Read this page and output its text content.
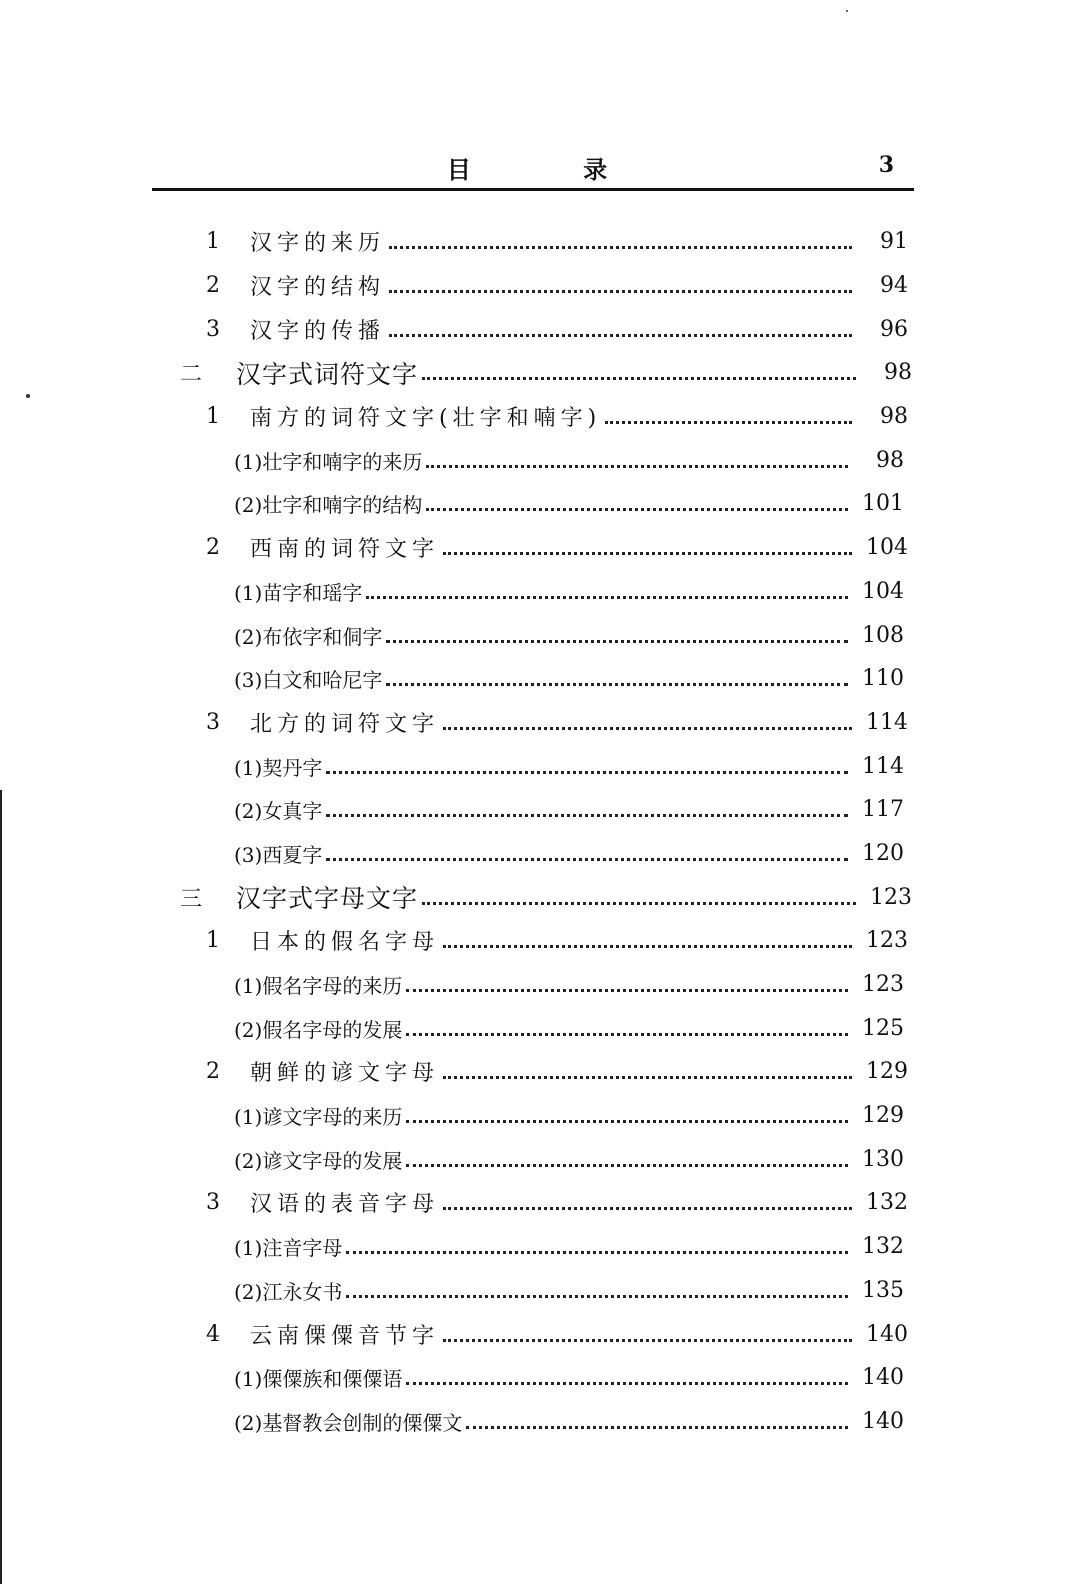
目 录	3
1	汉字的来历	91
2	汉字的结构	94
3	汉字的传播	96
二	汉字式词符文字	98
1	南方的词符文字(壮字和喃字)	98
(1)壮字和喃字的来历	98
(2)壮字和喃字的结构	101
2	西南的词符文字	104
(1)苗字和瑶字	104
(2)布依字和侗字	108
(3)白文和哈尼字	110
3	北方的词符文字	114
(1)契丹字	114
(2)女真字	117
(3)西夏字	120
三	汉字式字母文字	123
1	日本的假名字母	123
(1)假名字母的来历	123
(2)假名字母的发展	125
2	朝鲜的谚文字母	129
(1)谚文字母的来历	129
(2)谚文字母的发展	130
3	汉语的表音字母	132
(1)注音字母	132
(2)江永女书	135
4	云南傈僳音节字	140
(1)傈僳族和傈僳语	140
(2)基督教会创制的傈僳文	140
